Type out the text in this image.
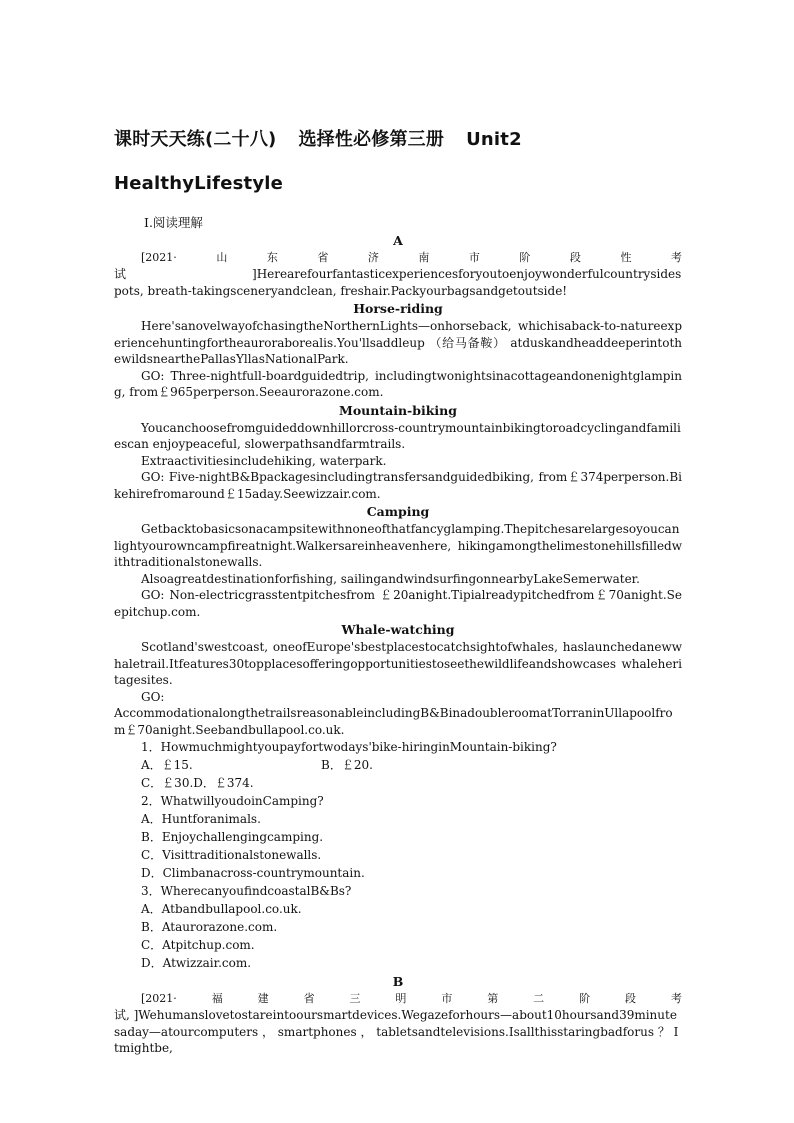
课时天天练(二十八) 选择性必修第三册 Unit2
HealthyLifestyle
Ⅰ.阅读理解
A
[2021·	山	东	省	济	南	市	阶	段	性	考

试	]Herearefourfantasticexperiencesforyoutoenjoywonderfulcountrysidespots, breath-takingsceneryandclean, freshair.Packyourbagsandgetoutside!

Horse-riding

Here'sanovelwayofchasingtheNorthernLights—onhorseback, whichisaback-to-natureexperiencehuntingfortheauroraborealis.You'llsaddleup （给马备鞍） atduskandheaddeeperintothewildsnearthePallasYllasNationalPark.

GO: Three-nightfull-boardguidedtrip, includingtwonightsinacottageandonenightglamping, from￡965perperson.Seeaurorazone.com.

Mountain-biking

Youcanchoosefromguideddownhillorcross-countrymountainbikingtoroadcyclingandfamiliescan enjoypeaceful, slowerpathsandfarmtrails.

Extraactivitiesincludehiking, waterpark.

GO: Five-nightB&Bpackagesincludingtransfersandguidedbiking, from￡374perperson.Bikehirefromaround￡15aday.Seewizzair.com.

Camping

Getbacktobasicsonacampsitewithnoneofthatfancyglamping.Thepitchesarelargesoyoucanlightyourowncampfireatnight.Walkersareinheavenhere, hikingamongthelimestonehillsfilledwithtraditionalstonewalls.

Alsoagreatdestinationforfishing, sailingandwindsurfingonnearbyLakeSemerwater.

GO: Non-electricgrasstentpitchesfrom ￡20anight.Tipialreadypitchedfrom￡70anight.Seepitchup.com.

Whale-watching

Scotland'swestcoast, oneofEurope'sbestplacestocatchsightofwhales, haslaunchedanewwhaletrail.Itfeatures30topplacesofferingopportunitiestoseethewildlifeandshowcases whaleheritagesites.

GO:

AccommodationalongthetrailsreasonableincludingB&BinadoubleroomatTorraninUllapoolfrom￡70anight.Seebandbullapool.co.uk.

1．Howmuchmightyoupayfortwodays'bike-hiringinMountain-biking?

A．￡15.	B．￡20.

C．￡30.D．￡374.

2．WhatwillyoudoinCamping?

A．Huntforanimals.

B．Enjoychallengingcamping.

C．Visittraditionalstonewalls.

D．Climbanacross-countrymountain.

3．WherecanyoufindcoastalB&Bs?

A．Atbandbullapool.co.uk.

B．Ataurorazone.com.

C．Atpitchup.com.

D．Atwizzair.com.

B
[2021·	福	建	省	三	明	市	第	二	阶	段	考

试, ]Wehumanslovetostareintooursmartdevices.Wegazeforhours—about10hoursand39minutesaday—atourcomputers ， smartphones ， tabletsandtelevisions.Isallthisstaringbadforus ？ Itmightbe,
